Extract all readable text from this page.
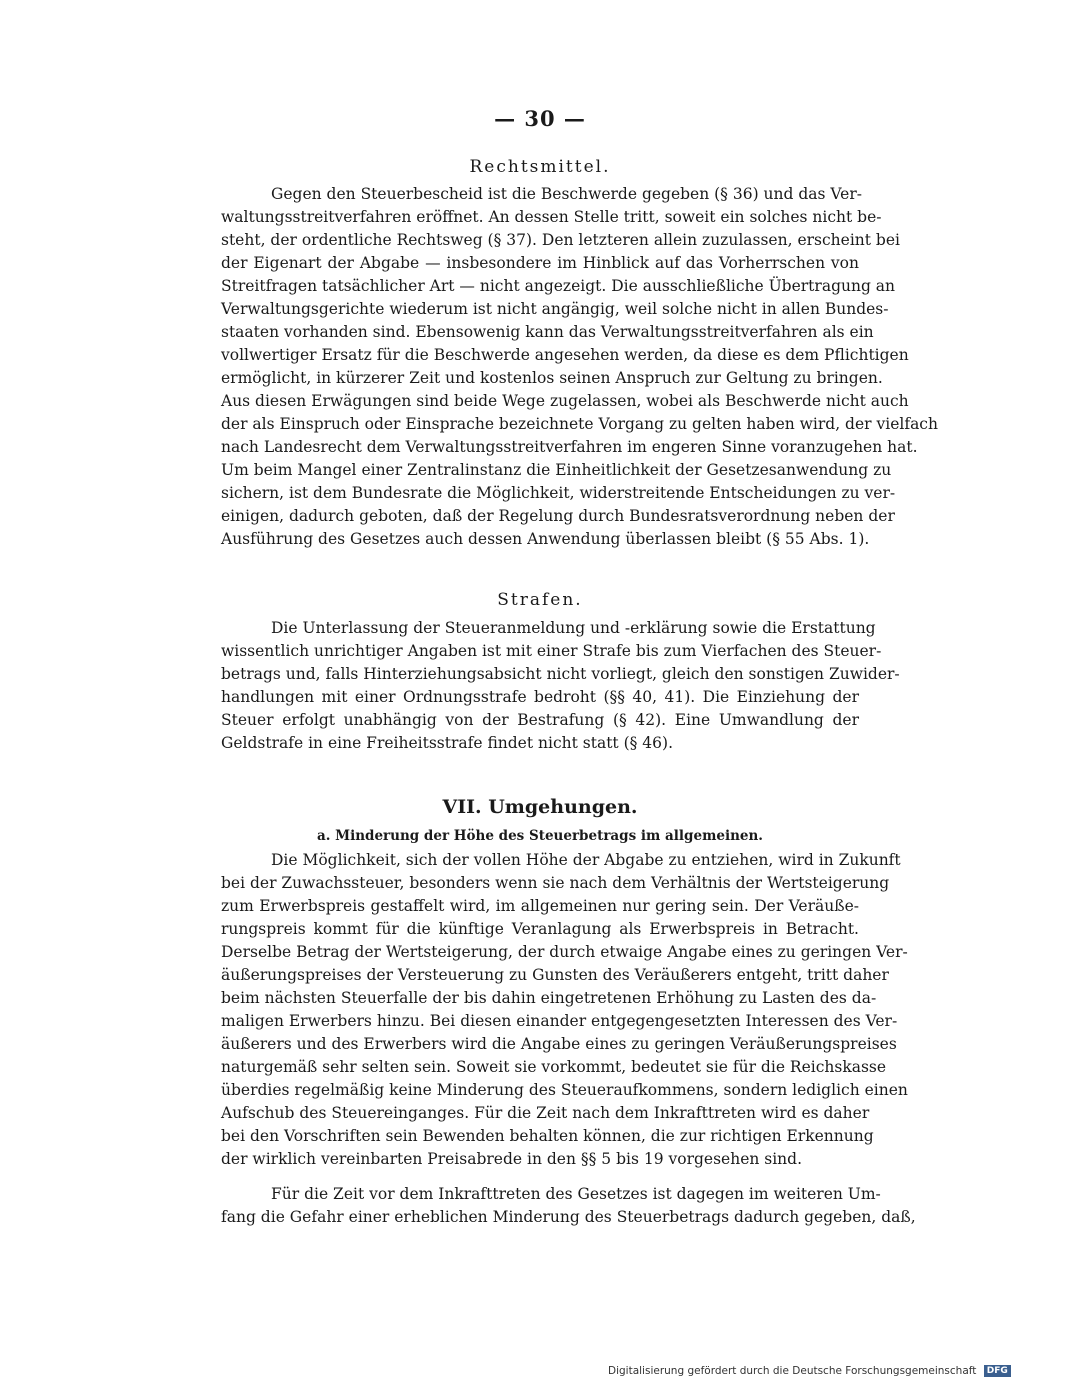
— 30 —
Rechtsmittel.
Gegen den Steuerbescheid ist die Beschwerde gegeben (§ 36) und das Ver-
waltungsstreitverfahren eröffnet. An dessen Stelle tritt, soweit ein solches nicht be-
steht, der ordentliche Rechtsweg (§ 37). Den letzteren allein zuzulassen, erscheint bei
der Eigenart der Abgabe — insbesondere im Hinblick auf das Vorherrschen von
Streitfragen tatsächlicher Art — nicht angezeigt. Die ausschließliche Übertragung an
Verwaltungsgerichte wiederum ist nicht angängig, weil solche nicht in allen Bundes-
staaten vorhanden sind. Ebensowenig kann das Verwaltungsstreitverfahren als ein
vollwertiger Ersatz für die Beschwerde angesehen werden, da diese es dem Pflichtigen
ermöglicht, in kürzerer Zeit und kostenlos seinen Anspruch zur Geltung zu bringen.
Aus diesen Erwägungen sind beide Wege zugelassen, wobei als Beschwerde nicht auch
der als Einspruch oder Einsprache bezeichnete Vorgang zu gelten haben wird, der vielfach
nach Landesrecht dem Verwaltungsstreitverfahren im engeren Sinne voranzugehen hat.
Um beim Mangel einer Zentralinstanz die Einheitlichkeit der Gesetzesanwendung zu
sichern, ist dem Bundesrate die Möglichkeit, widerstreitende Entscheidungen zu ver-
einigen, dadurch geboten, daß der Regelung durch Bundesratsverordnung neben der
Ausführung des Gesetzes auch dessen Anwendung überlassen bleibt (§ 55 Abs. 1).
Strafen.
Die Unterlassung der Steueranmeldung und -erklärung sowie die Erstattung
wissentlich unrichtiger Angaben ist mit einer Strafe bis zum Vierfachen des Steuer-
betrags und, falls Hinterziehungsabsicht nicht vorliegt, gleich den sonstigen Zuwider-
handlungen mit einer Ordnungsstrafe bedroht (§§ 40, 41). Die Einziehung der
Steuer erfolgt unabhängig von der Bestrafung (§ 42). Eine Umwandlung der
Geldstrafe in eine Freiheitsstrafe findet nicht statt (§ 46).
VII. Umgehungen.
a. Minderung der Höhe des Steuerbetrags im allgemeinen.
Die Möglichkeit, sich der vollen Höhe der Abgabe zu entziehen, wird in Zukunft
bei der Zuwachssteuer, besonders wenn sie nach dem Verhältnis der Wertsteigerung
zum Erwerbspreis gestaffelt wird, im allgemeinen nur gering sein. Der Veräuße-
rungspreis kommt für die künftige Veranlagung als Erwerbspreis in Betracht.
Derselbe Betrag der Wertsteigerung, der durch etwaige Angabe eines zu geringen Ver-
äußerungspreises der Versteuerung zu Gunsten des Veräußerers entgeht, tritt daher
beim nächsten Steuerfalle der bis dahin eingetretenen Erhöhung zu Lasten des da-
maligen Erwerbers hinzu. Bei diesen einander entgegengesetzten Interessen des Ver-
äußerers und des Erwerbers wird die Angabe eines zu geringen Veräußerungspreises
naturgemäß sehr selten sein. Soweit sie vorkommt, bedeutet sie für die Reichskasse
überdies regelmäßig keine Minderung des Steueraufkommens, sondern lediglich einen
Aufschub des Steuereinganges. Für die Zeit nach dem Inkrafttreten wird es daher
bei den Vorschriften sein Bewenden behalten können, die zur richtigen Erkennung
der wirklich vereinbarten Preisabrede in den §§ 5 bis 19 vorgesehen sind.
Für die Zeit vor dem Inkrafttreten des Gesetzes ist dagegen im weiteren Um-
fang die Gefahr einer erheblichen Minderung des Steuerbetrags dadurch gegeben, daß,
Digitalisierung gefördert durch die Deutsche Forschungsgemeinschaft DFG
